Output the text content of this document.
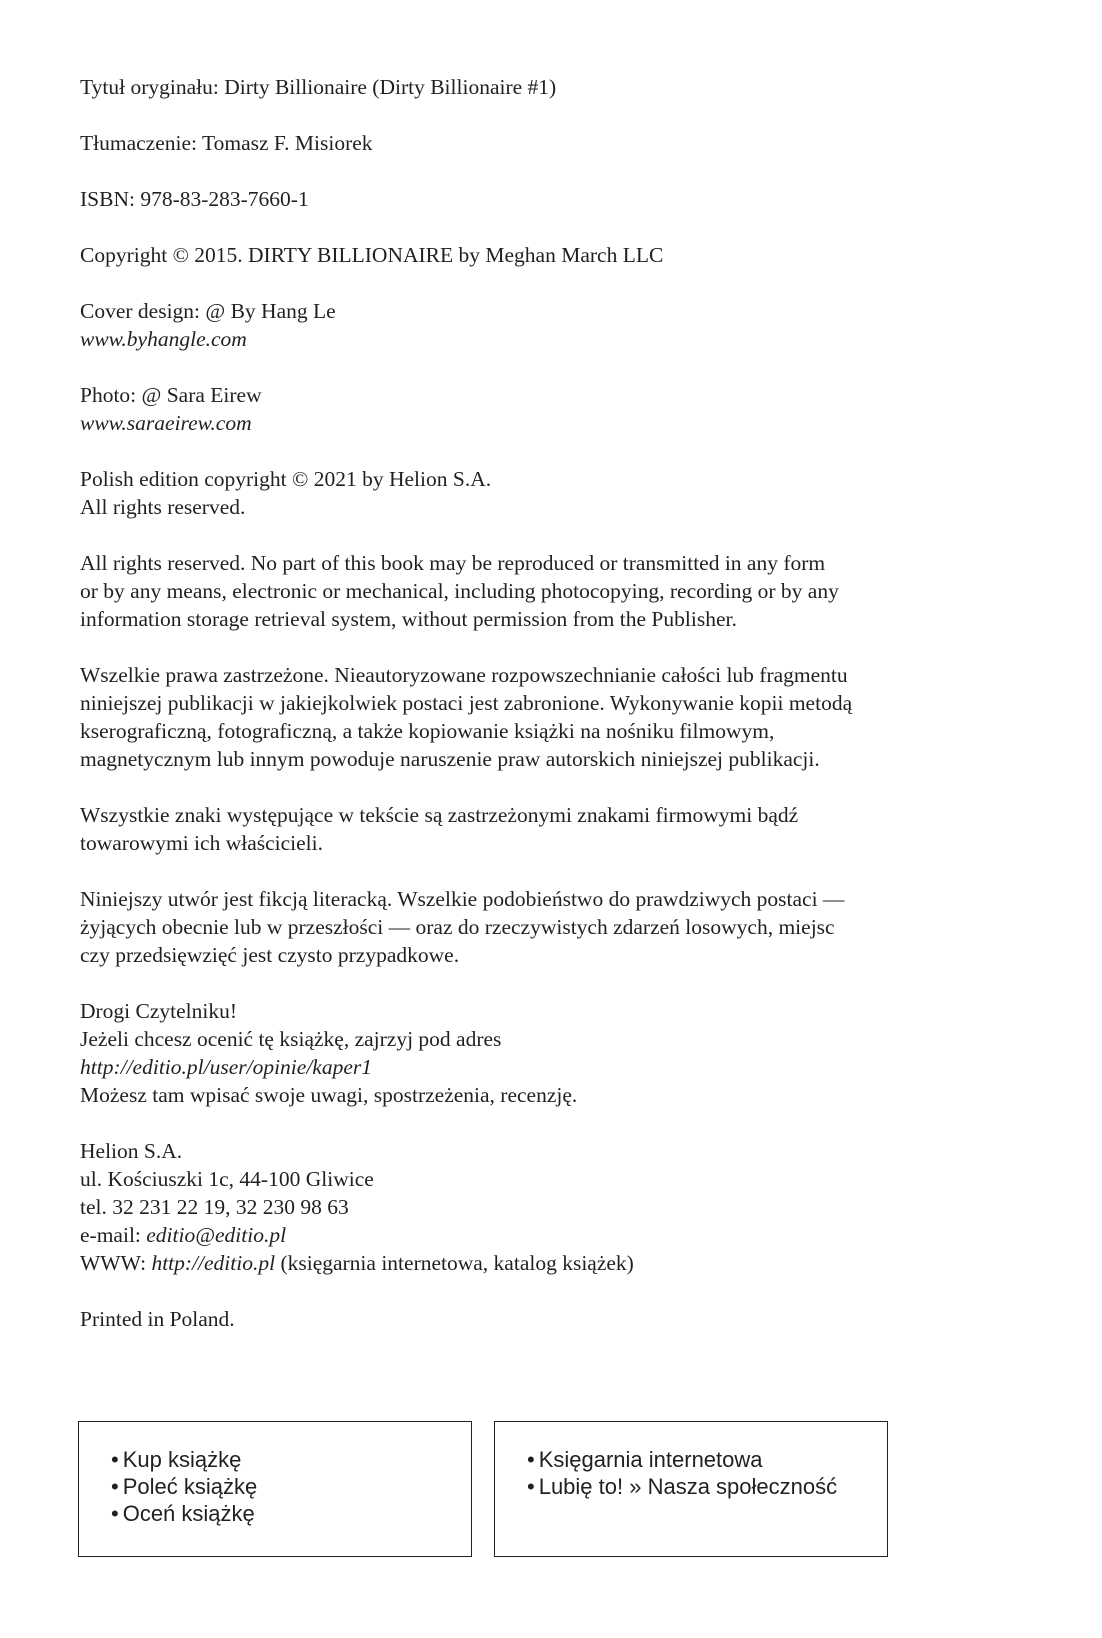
Tytuł oryginału: Dirty Billionaire (Dirty Billionaire #1)

Tłumaczenie: Tomasz F. Misiorek

ISBN: 978-83-283-7660-1

Copyright © 2015. DIRTY BILLIONAIRE by Meghan March LLC

Cover design: @ By Hang Le
www.byhangle.com

Photo: @ Sara Eirew
www.saraeirew.com

Polish edition copyright © 2021 by Helion S.A.
All rights reserved.

All rights reserved. No part of this book may be reproduced or transmitted in any form
or by any means, electronic or mechanical, including photocopying, recording or by any
information storage retrieval system, without permission from the Publisher.

Wszelkie prawa zastrzeżone. Nieautoryzowane rozpowszechnianie całości lub fragmentu
niniejszej publikacji w jakiejkolwiek postaci jest zabronione. Wykonywanie kopii metodą
kserograficzną, fotograficzną, a także kopiowanie książki na nośniku filmowym,
magnetycznym lub innym powoduje naruszenie praw autorskich niniejszej publikacji.

Wszystkie znaki występujące w tekście są zastrzeżonymi znakami firmowymi bądź
towarowymi ich właścicieli.

Niniejszy utwór jest fikcją literacką. Wszelkie podobieństwo do prawdziwych postaci —
żyjących obecnie lub w przeszłości — oraz do rzeczywistych zdarzeń losowych, miejsc
czy przedsięwzięć jest czysto przypadkowe.

Drogi Czytelniku!
Jeżeli chcesz ocenić tę książkę, zajrzyj pod adres
http://editio.pl/user/opinie/kaper1
Możesz tam wpisać swoje uwagi, spostrzeżenia, recenzję.

Helion S.A.
ul. Kościuszki 1c, 44-100 Gliwice
tel. 32 231 22 19, 32 230 98 63
e-mail: editio@editio.pl
WWW: http://editio.pl (księgarnia internetowa, katalog książek)

Printed in Poland.

• Kup książkę
• Poleć książkę
• Oceń książkę
• Księgarnia internetowa
• Lubię to! » Nasza społeczność
